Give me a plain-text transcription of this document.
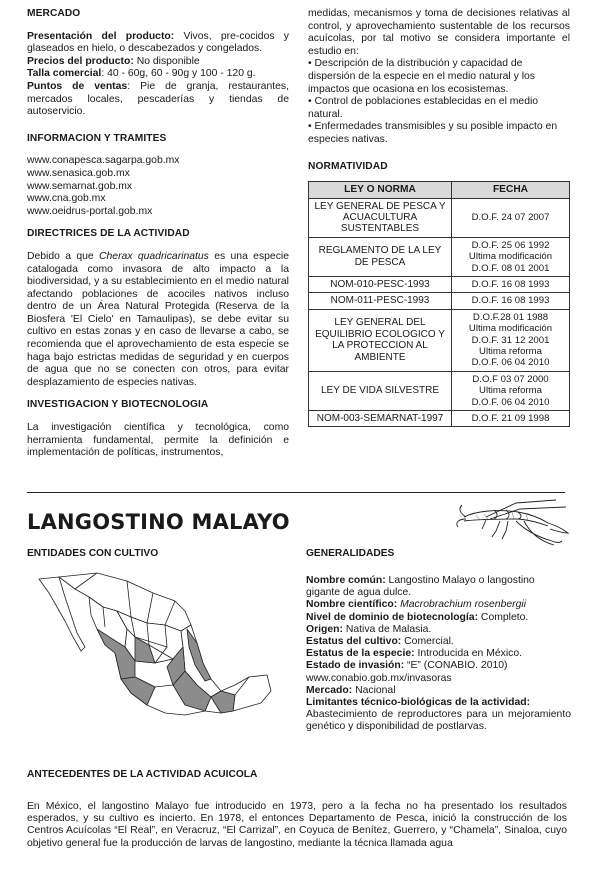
MERCADO

Presentación del producto: Vivos, pre-cocidos y glaseados en hielo, o descabezados y congelados.

Precios del producto: No disponible

Talla comercial: 40 - 60g, 60 - 90g y 100 - 120 g.

Puntos de ventas: Pie de granja, restaurantes, mercados locales, pescaderías y tiendas de autoservicio.

INFORMACION Y TRAMITES

www.conapesca.sagarpa.gob.mx

www.senasica.gob.mx

www.semarnat.gob.mx

www.cna.gob.mx

www.oeidrus-portal.gob.mx

DIRECTRICES DE LA ACTIVIDAD

Debido a que Cherax quadricarinatus es una especie catalogada como invasora de alto impacto a la biodiversidad, y a su establecimiento en el medio natural afectando poblaciones de acociles nativos incluso dentro de un Área Natural Protegida (Reserva de la Biosfera 'El Cielo' en Tamaulipas), se debe evitar su cultivo en estas zonas y en caso de llevarse a cabo, se recomienda que el aprovechamiento de esta especie se haga bajo estrictas medidas de seguridad y en cuerpos de agua que no se conecten con otros, para evitar desplazamiento de especies nativas.

INVESTIGACION Y BIOTECNOLOGIA

La investigación científica y tecnológica, como herramienta fundamental, permite la definición e implementación de políticas, instrumentos,

medidas, mecanismos y toma de decisiones relativas al control, y aprovechamiento sustentable de los recursos acuícolas, por tal motivo se considera importante el estudio en:

• Descripción de la distribución y capacidad de dispersión de la especie en el medio natural y los impactos que ocasiona en los ecosistemas.

• Control de poblaciones establecidas en el medio natural.

• Enfermedades transmisibles y su posible impacto en especies nativas.

NORMATIVIDAD
LEY O NORMA	FECHA
LEY GENERAL DE PESCA Y ACUACULTURA SUSTENTABLES	D.O.F. 24 07 2007

REGLAMENTO DE LA LEY DE PESCA	D.O.F. 25 06 1992
Ultima modificación
D.O.F. 08 01 2001

NOM-010-PESC-1993	D.O.F. 16 08 1993

NOM-011-PESC-1993	D.O.F. 16 08 1993

LEY GENERAL DEL EQUILIBRIO ECOLOGICO Y LA PROTECCION AL AMBIENTE	D.O.F.28 01 1988
Ultima modificación
D.O.F. 31 12 2001
Ultima reforma
D.O.F. 06 04 2010

LEY DE VIDA SILVESTRE	D.O.F 03 07 2000
Ultima reforma
D.O.F. 06 04 2010

NOM-003-SEMARNAT-1997	D.O.F. 21 09 1998
LANGOSTINO MALAYO
ENTIDADES CON CULTIVO	GENERALIDADES

Nombre común: Langostino Malayo o langostino gigante de agua dulce.

Nombre científico: Macrobrachium rosenbergii

Nivel de dominio de biotecnología: Completo.

Origen: Nativa de Malasia.

Estatus del cultivo: Comercial.

Estatus de la especie: Introducida en México.

Estado de invasión: “E” (CONABIO. 2010)

www.conabio.gob.mx/invasoras

Mercado: Nacional

Limitantes técnico-biológicas de la actividad:

Abastecimiento de reproductores para un mejoramiento genético y disponibilidad de postlarvas.

ANTECEDENTES DE LA ACTIVIDAD ACUICOLA

En México, el langostino Malayo fue introducido en 1973, pero a la fecha no ha presentado los resultados esperados, y su cultivo es incierto. En 1978, el entonces Departamento de Pesca, inició la construcción de los Centros Acuícolas “El Real”, en Veracruz, “El Carrizal”, en Coyuca de Benítez, Guerrero, y “Chamela”, Sinaloa, cuyo objetivo general fue la producción de larvas de langostino, mediante la técnica llamada agua
